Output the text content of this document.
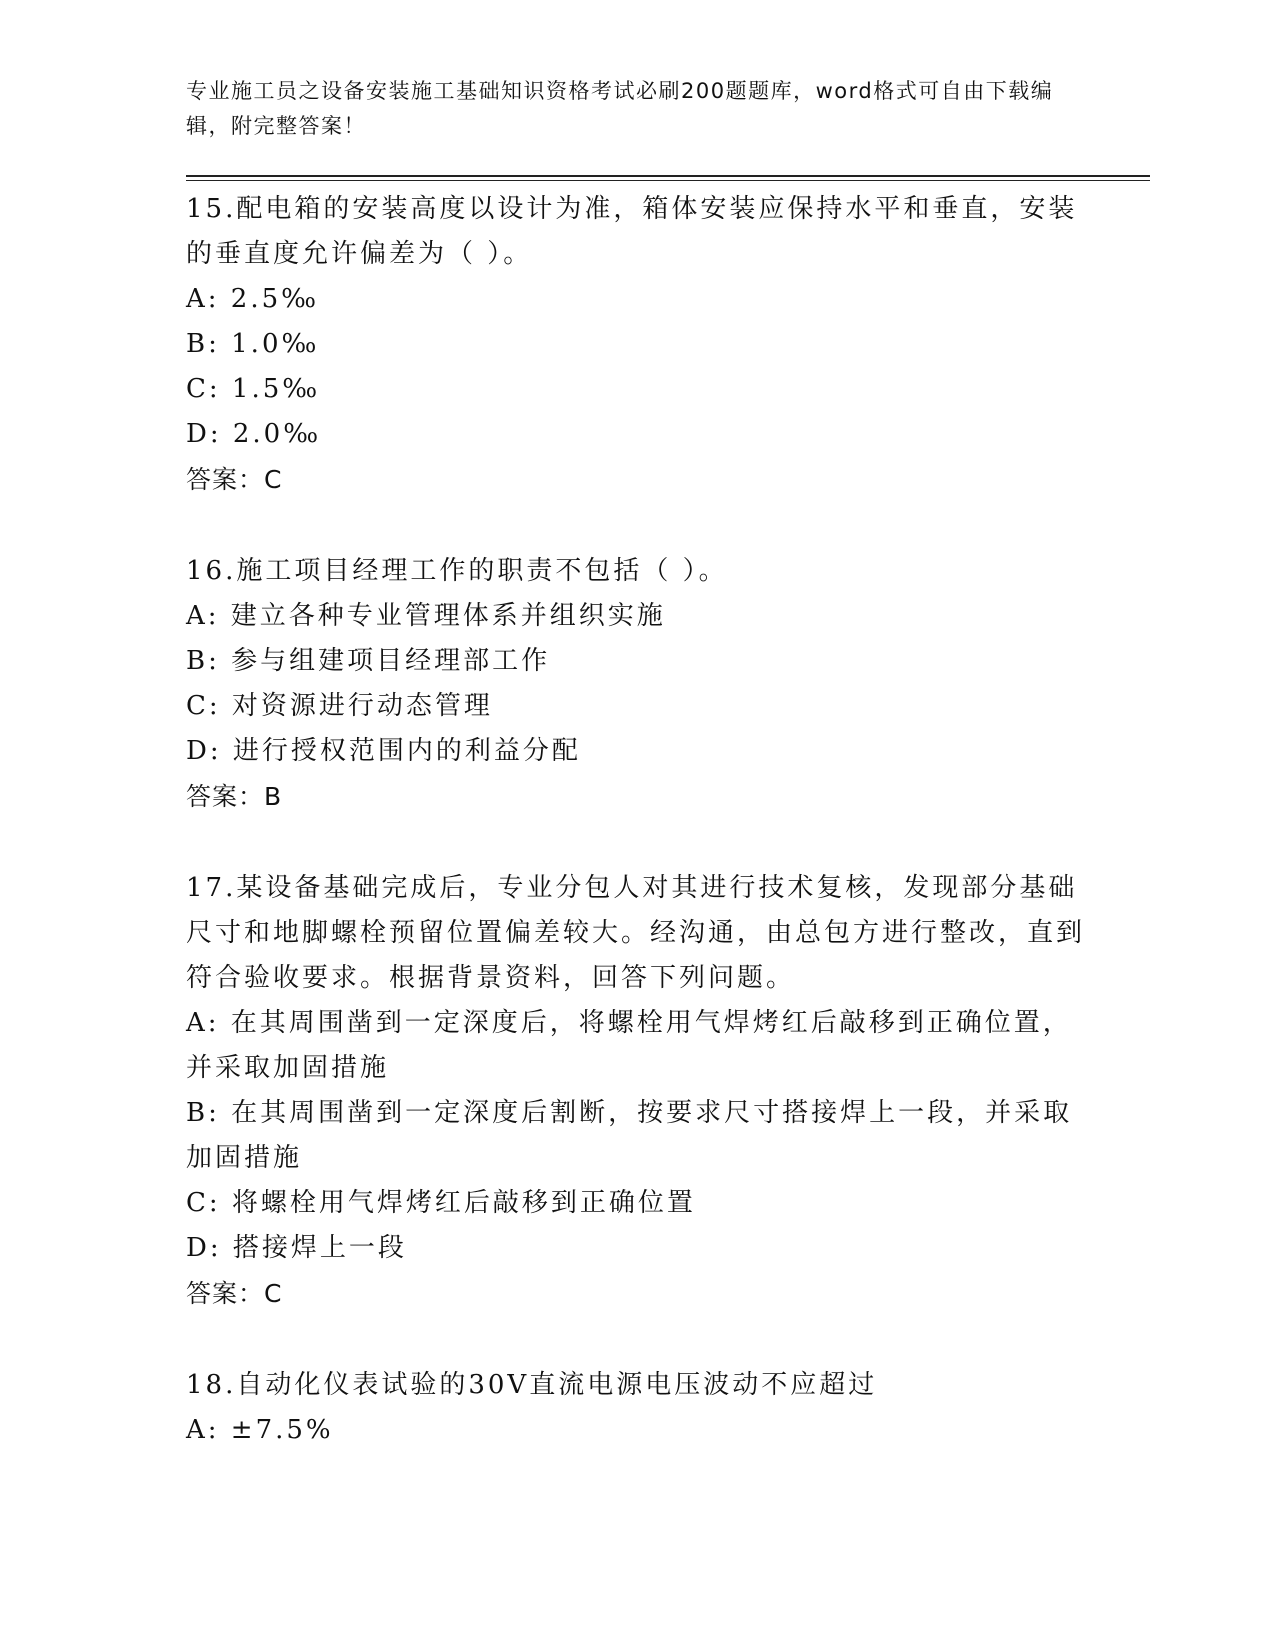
专业施工员之设备安装施工基础知识资格考试必刷200题题库，word格式可自由下载编辑，附完整答案！
15.配电箱的安装高度以设计为准，箱体安装应保持水平和垂直，安装的垂直度允许偏差为（ ）。
A: 2.5‰
B: 1.0‰
C: 1.5‰
D: 2.0‰
答案：C
16.施工项目经理工作的职责不包括（ ）。
A: 建立各种专业管理体系并组织实施
B: 参与组建项目经理部工作
C: 对资源进行动态管理
D: 进行授权范围内的利益分配
答案：B
17.某设备基础完成后，专业分包人对其进行技术复核，发现部分基础尺寸和地脚螺栓预留位置偏差较大。经沟通，由总包方进行整改，直到符合验收要求。根据背景资料，回答下列问题。
A: 在其周围凿到一定深度后，将螺栓用气焊烤红后敲移到正确位置，并采取加固措施
B: 在其周围凿到一定深度后割断，按要求尺寸搭接焊上一段，并采取加固措施
C: 将螺栓用气焊烤红后敲移到正确位置
D: 搭接焊上一段
答案：C
18.自动化仪表试验的30V直流电源电压波动不应超过
A: ±7.5%
